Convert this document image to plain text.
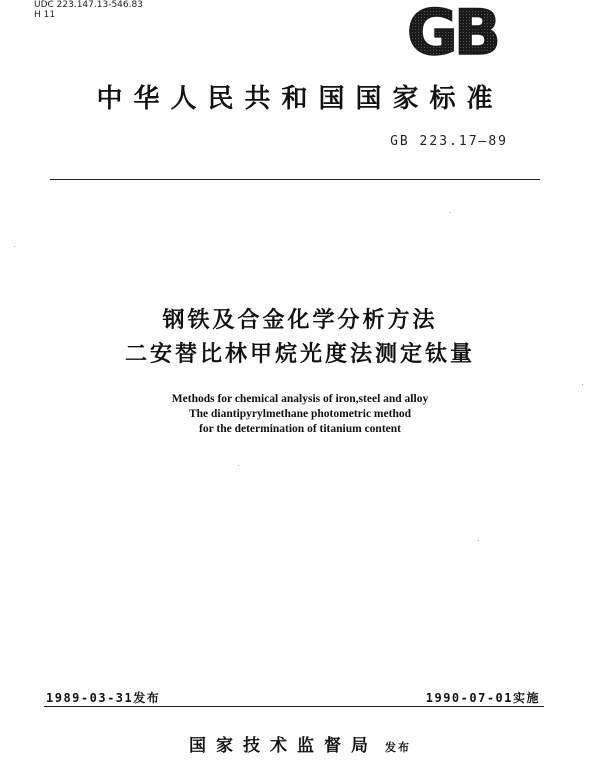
UDC 223.147.13-546.83
H 11	GB
中华人民共和国国家标准
GB 223.17—89
钢铁及合金化学分析方法
二安替比林甲烷光度法测定钛量
Methods for chemical analysis of iron,steel and alloy
The diantipyrylmethane photometric method
for the determination of titanium content
1989-03-31发布	1990-07-01实施
国家技术监督局 发布
